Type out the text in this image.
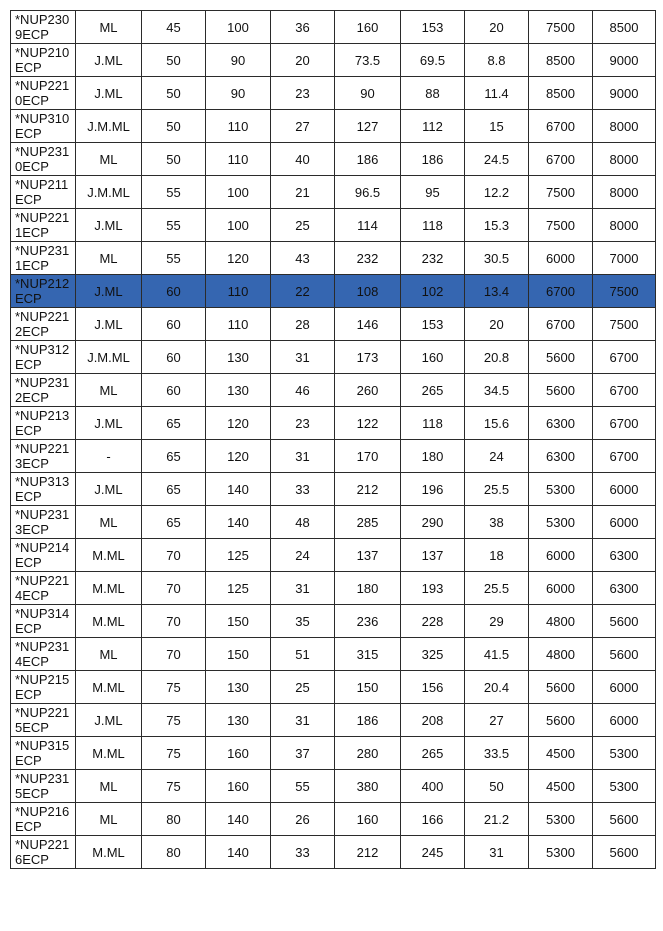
*NUP2309ECP	ML	45	100	36	160	153	20	7500	8500
*NUP210ECP	J.ML	50	90	20	73.5	69.5	8.8	8500	9000
*NUP2210ECP	J.ML	50	90	23	90	88	11.4	8500	9000
*NUP310ECP	J.M.ML	50	110	27	127	112	15	6700	8000
*NUP2310ECP	ML	50	110	40	186	186	24.5	6700	8000
*NUP211ECP	J.M.ML	55	100	21	96.5	95	12.2	7500	8000
*NUP2211ECP	J.ML	55	100	25	114	118	15.3	7500	8000
*NUP2311ECP	ML	55	120	43	232	232	30.5	6000	7000
*NUP212ECP	J.ML	60	110	22	108	102	13.4	6700	7500
*NUP2212ECP	J.ML	60	110	28	146	153	20	6700	7500
*NUP312ECP	J.M.ML	60	130	31	173	160	20.8	5600	6700
*NUP2312ECP	ML	60	130	46	260	265	34.5	5600	6700
*NUP213ECP	J.ML	65	120	23	122	118	15.6	6300	6700
*NUP2213ECP	-	65	120	31	170	180	24	6300	6700
*NUP313ECP	J.ML	65	140	33	212	196	25.5	5300	6000
*NUP2313ECP	ML	65	140	48	285	290	38	5300	6000
*NUP214ECP	M.ML	70	125	24	137	137	18	6000	6300
*NUP2214ECP	M.ML	70	125	31	180	193	25.5	6000	6300
*NUP314ECP	M.ML	70	150	35	236	228	29	4800	5600
*NUP2314ECP	ML	70	150	51	315	325	41.5	4800	5600
*NUP215ECP	M.ML	75	130	25	150	156	20.4	5600	6000
*NUP2215ECP	J.ML	75	130	31	186	208	27	5600	6000
*NUP315ECP	M.ML	75	160	37	280	265	33.5	4500	5300
*NUP2315ECP	ML	75	160	55	380	400	50	4500	5300
*NUP216ECP	ML	80	140	26	160	166	21.2	5300	5600
*NUP2216ECP	M.ML	80	140	33	212	245	31	5300	5600
